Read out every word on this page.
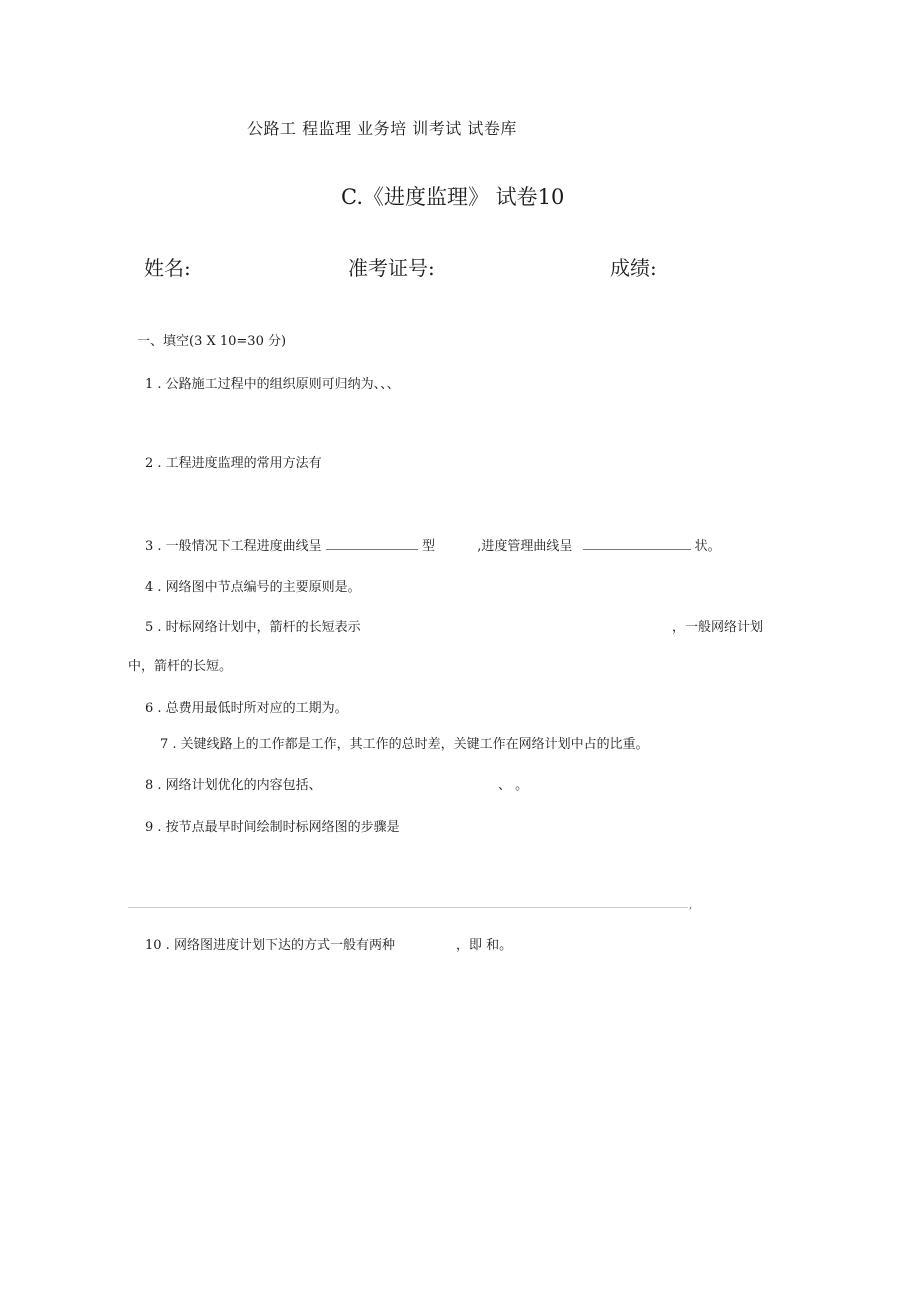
公路工 程监理 业务培 训考试 试卷库
C.《进度监理》 试卷10
姓名:	准考证号:	成绩:
一、填空(3 X 10=30 分)
1 . 公路施工过程中的组织原则可归纳为、、、
2 . 工程进度监理的常用方法有
3 . 一般情况下工程进度曲线呈	型	,进度管理曲线呈	状。
4 . 网络图中节点编号的主要原则是。
5 . 时标网络计划中，箭杆的长短表示	，一般网络计划
中，箭杆的长短。
6 . 总费用最低时所对应的工期为。
7 . 关键线路上的工作都是工作，其工作的总时差，关键工作在网络计划中占的比重。
8 . 网络计划优化的内容包括、	、 。
9 . 按节点最早时间绘制时标网络图的步骤是
,
10 . 网络图进度计划下达的方式一般有两种	，即 和。
